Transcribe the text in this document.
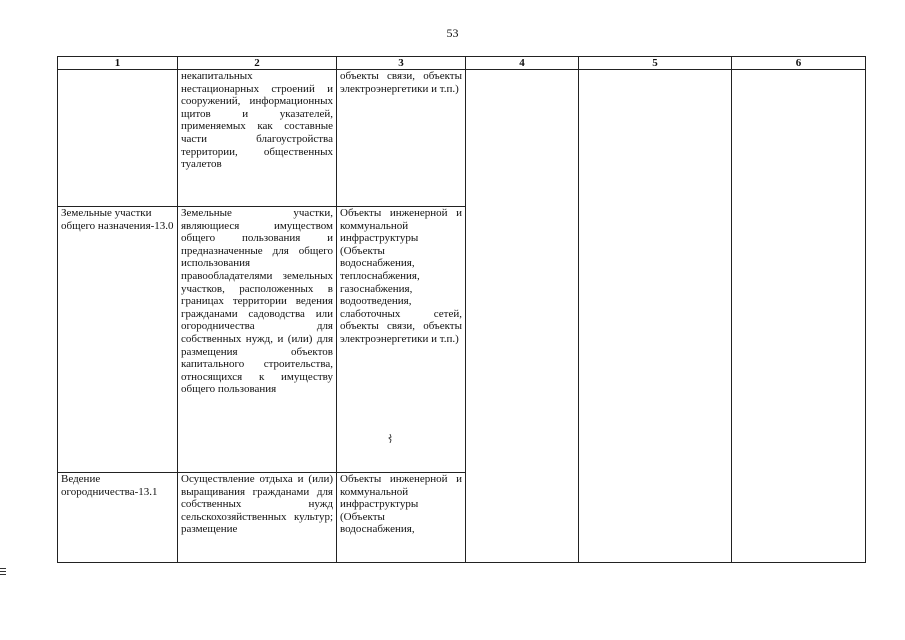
53
1	2	3	4	5	6
	некапитальных нестационарных строений и сооружений, информационных щитов и указателей, применяемых как составные части благоустройства территории, общественных туалетов	объекты связи, объекты электроэнергетики и т.п.)			
Земельные участки общего назначения-13.0	Земельные участки, являющиеся имуществом общего пользования и предназначенные для общего использования правообладателями земельных участков, расположенных в границах территории ведения гражданами садоводства или огородничества для собственных нужд, и (или) для размещения объектов капитального строительства, относящихся к имуществу общего пользования	Объекты инженерной и коммунальной инфраструктуры (Объекты водоснабжения, теплоснабжения, газоснабжения, водоотведения, слаботочных сетей, объекты связи, объекты электроэнергетики и т.п.)			
Ведение огородничества-13.1	Осуществление отдыха и (или) выращивания гражданами для собственных нужд сельскохозяйственных культур; размещение	Объекты инженерной и коммунальной инфраструктуры (Объекты водоснабжения,			
